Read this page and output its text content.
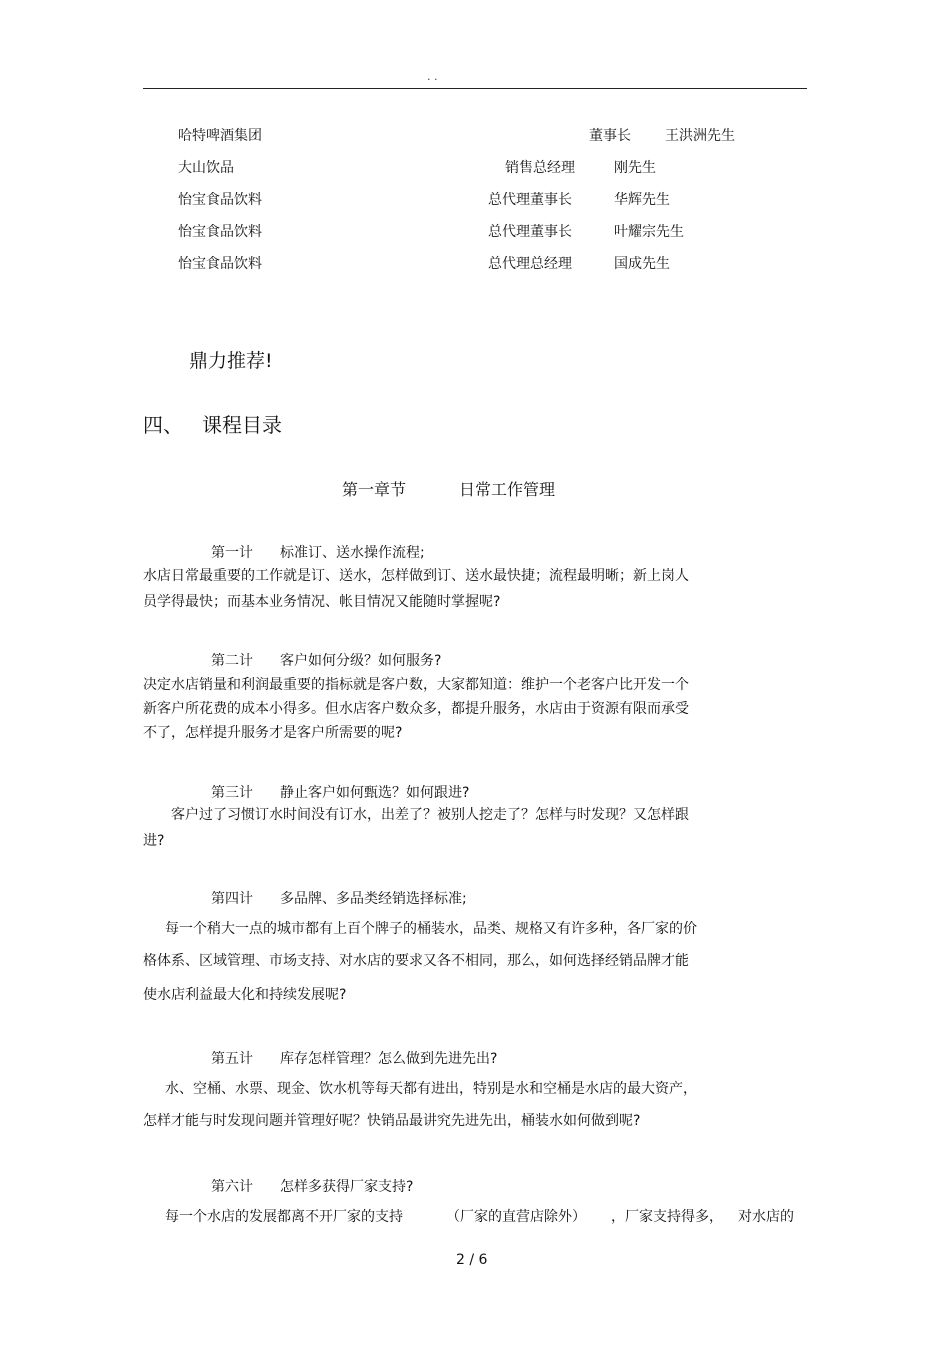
. .
哈特啤酒集团	董事长 王洪洲先生
大山饮品	销售总经理	刚先生
怡宝食品饮料	总代理董事长	华辉先生
怡宝食品饮料	总代理董事长	叶耀宗先生
怡宝食品饮料	总代理总经理	国成先生
鼎力推荐!
四、 课程目录
第一章节	日常工作管理
第一计 标准订、送水操作流程;
水店日常最重要的工作就是订、送水，怎样做到订、送水最快捷；流程最明晰；新上岗人
员学得最快；而基本业务情况、帐目情况又能随时掌握呢?
第二计 客户如何分级？如何服务?
决定水店销量和利润最重要的指标就是客户数，大家都知道：维护一个老客户比开发一个
新客户所花费的成本小得多。但水店客户数众多，都提升服务，水店由于资源有限而承受
不了，怎样提升服务才是客户所需要的呢?
第三计 静止客户如何甄选？如何跟进?
客户过了习惯订水时间没有订水，出差了？被别人挖走了？怎样与时发现？又怎样跟
进?
第四计 多品牌、多品类经销选择标准;
每一个稍大一点的城市都有上百个牌子的桶装水，品类、规格又有许多种，各厂家的价
格体系、区域管理、市场支持、对水店的要求又各不相同，那么，如何选择经销品牌才能
使水店利益最大化和持续发展呢?
第五计 库存怎样管理？怎么做到先进先出?
水、空桶、水票、现金、饮水机等每天都有进出，特别是水和空桶是水店的最大资产，
怎样才能与时发现问题并管理好呢？快销品最讲究先进先出，桶装水如何做到呢?
第六计 怎样多获得厂家支持?
每一个水店的发展都离不开厂家的支持	（厂家的直营店除外） ，厂家支持得多， 对水店的
2 / 6
